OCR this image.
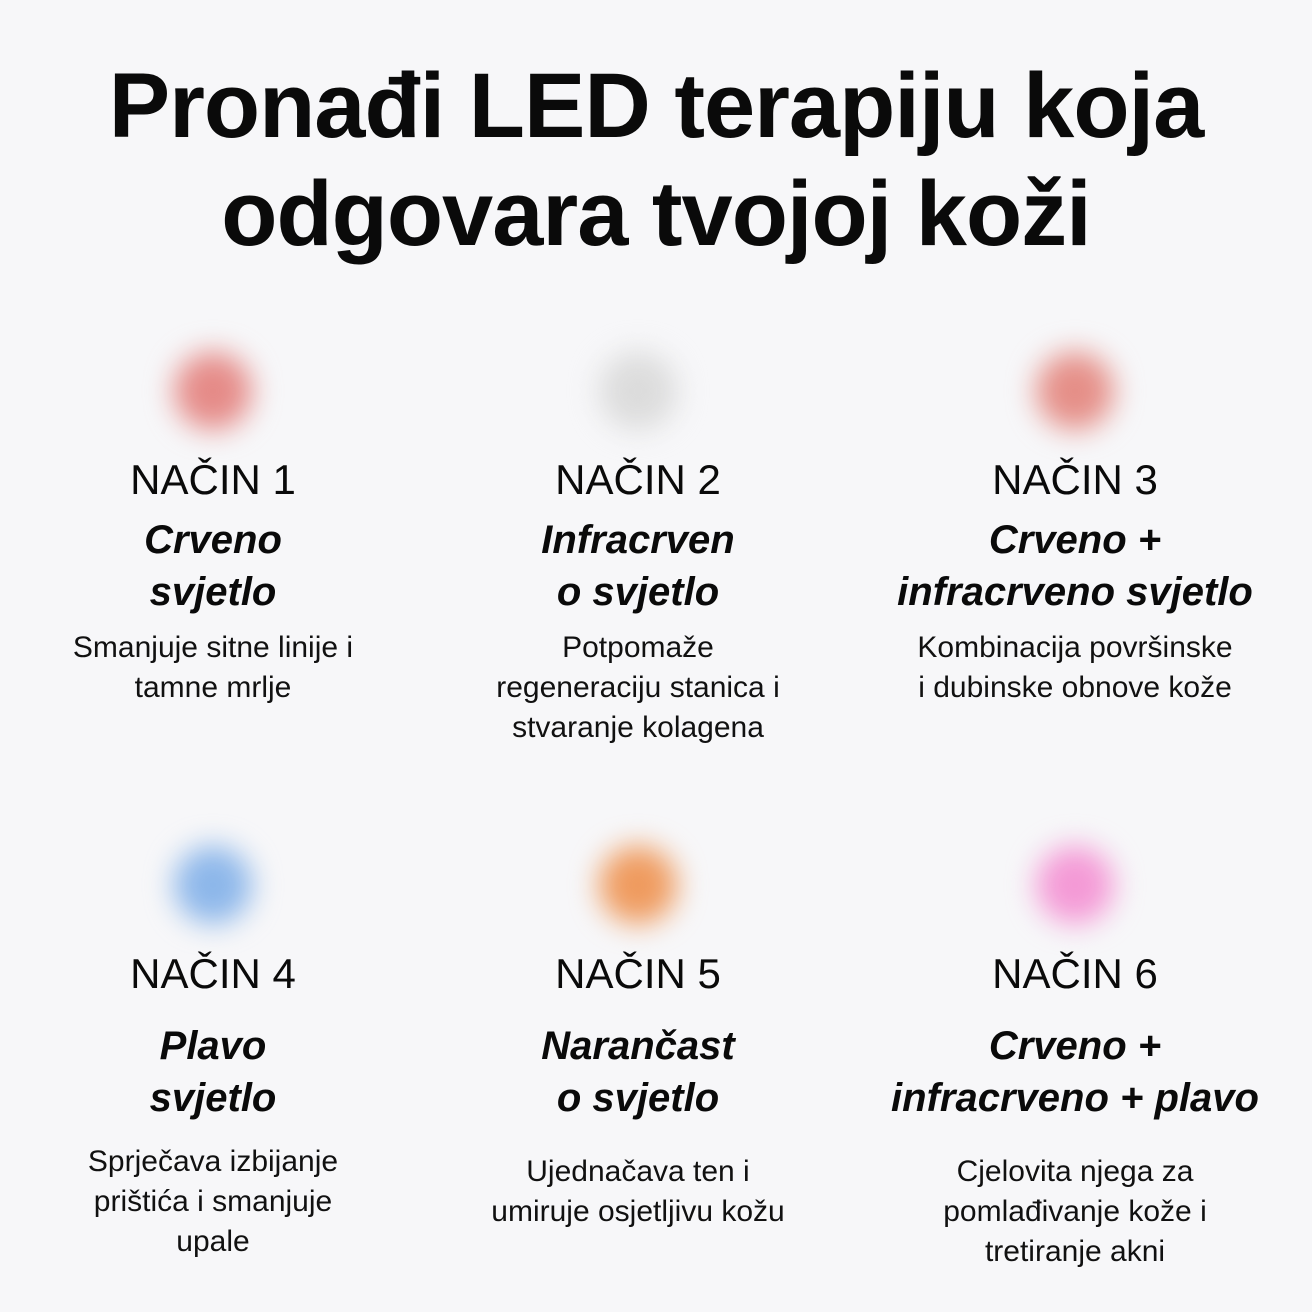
Pronađi LED terapiju koja
odgovara tvojoj koži
NAČIN 1
Crveno
svjetlo
Smanjuje sitne linije i
tamne mrlje
NAČIN 2
Infracrven
o svjetlo
Potpomaže
regeneraciju stanica i
stvaranje kolagena
NAČIN 3
Crveno +
infracrveno svjetlo
Kombinacija površinske
i dubinske obnove kože
NAČIN 4
Plavo
svjetlo
Sprječava izbijanje
prištića i smanjuje
upale
NAČIN 5
Narančast
o svjetlo
Ujednačava ten i
umiruje osjetljivu kožu
NAČIN 6
Crveno +
infracrveno + plavo
Cjelovita njega za
pomlađivanje kože i
tretiranje akni
